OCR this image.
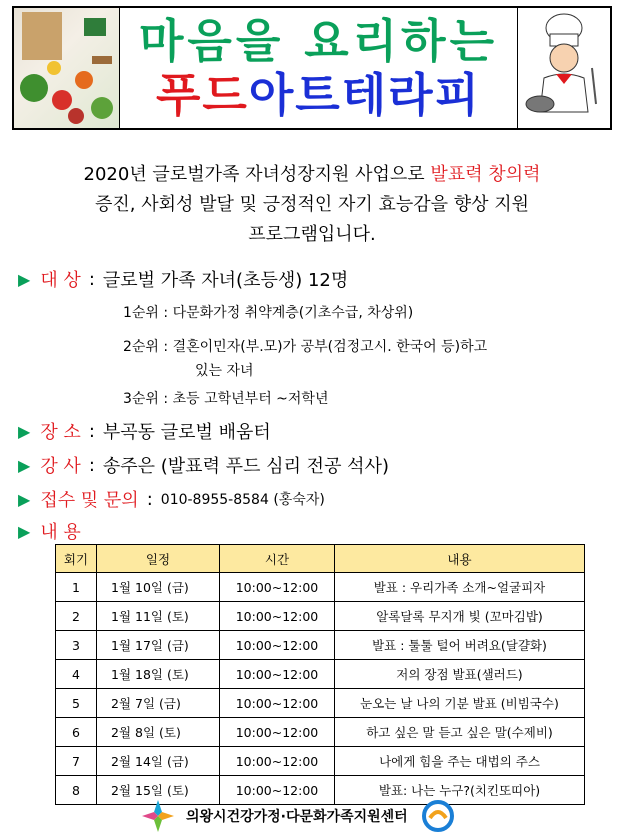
마음을 요리하는
푸드아트테라피
2020년 글로벌가족 자녀성장지원 사업으로 발표력 창의력
증진, 사회성 발달 및 긍정적인 자기 효능감을 향상 지원
프로그램입니다.
▶ 대 상 : 글로벌 가족 자녀(초등생) 12명
1순위 : 다문화가정 취약계층(기초수급, 차상위)
2순위 : 결혼이민자(부.모)가 공부(검정고시. 한국어 등)하고
있는 자녀
3순위 : 초등 고학년부터 ~저학년
▶ 장 소 : 부곡동 글로벌 배움터
▶ 강 사 : 송주은 (발표력 푸드 심리 전공 석사)
▶ 접수 및 문의 : 010-8955-8584 (홍숙자)
▶ 내 용
회기	일정	시간	내용
1	1월 10일 (금)	10:00~12:00	발표 : 우리가족 소개~얼굴피자
2	1월 11일 (토)	10:00~12:00	알록달록 무지개 빛 (꼬마김밥)
3	1월 17일 (금)	10:00~12:00	발표 : 툴툴 털어 버려요(달걀화)
4	1월 18일 (토)	10:00~12:00	저의 장점 발표(샐러드)
5	2월 7일 (금)	10:00~12:00	눈오는 날 나의 기분 발표 (비빔국수)
6	2월 8일 (토)	10:00~12:00	하고 싶은 말 듣고 싶은 말(수제비)
7	2월 14일 (금)	10:00~12:00	나에게 힘을 주는 대법의 주스
8	2월 15일 (토)	10:00~12:00	발표: 나는 누구?(치킨또띠아)
의왕시건강가정·다문화가족지원센터
